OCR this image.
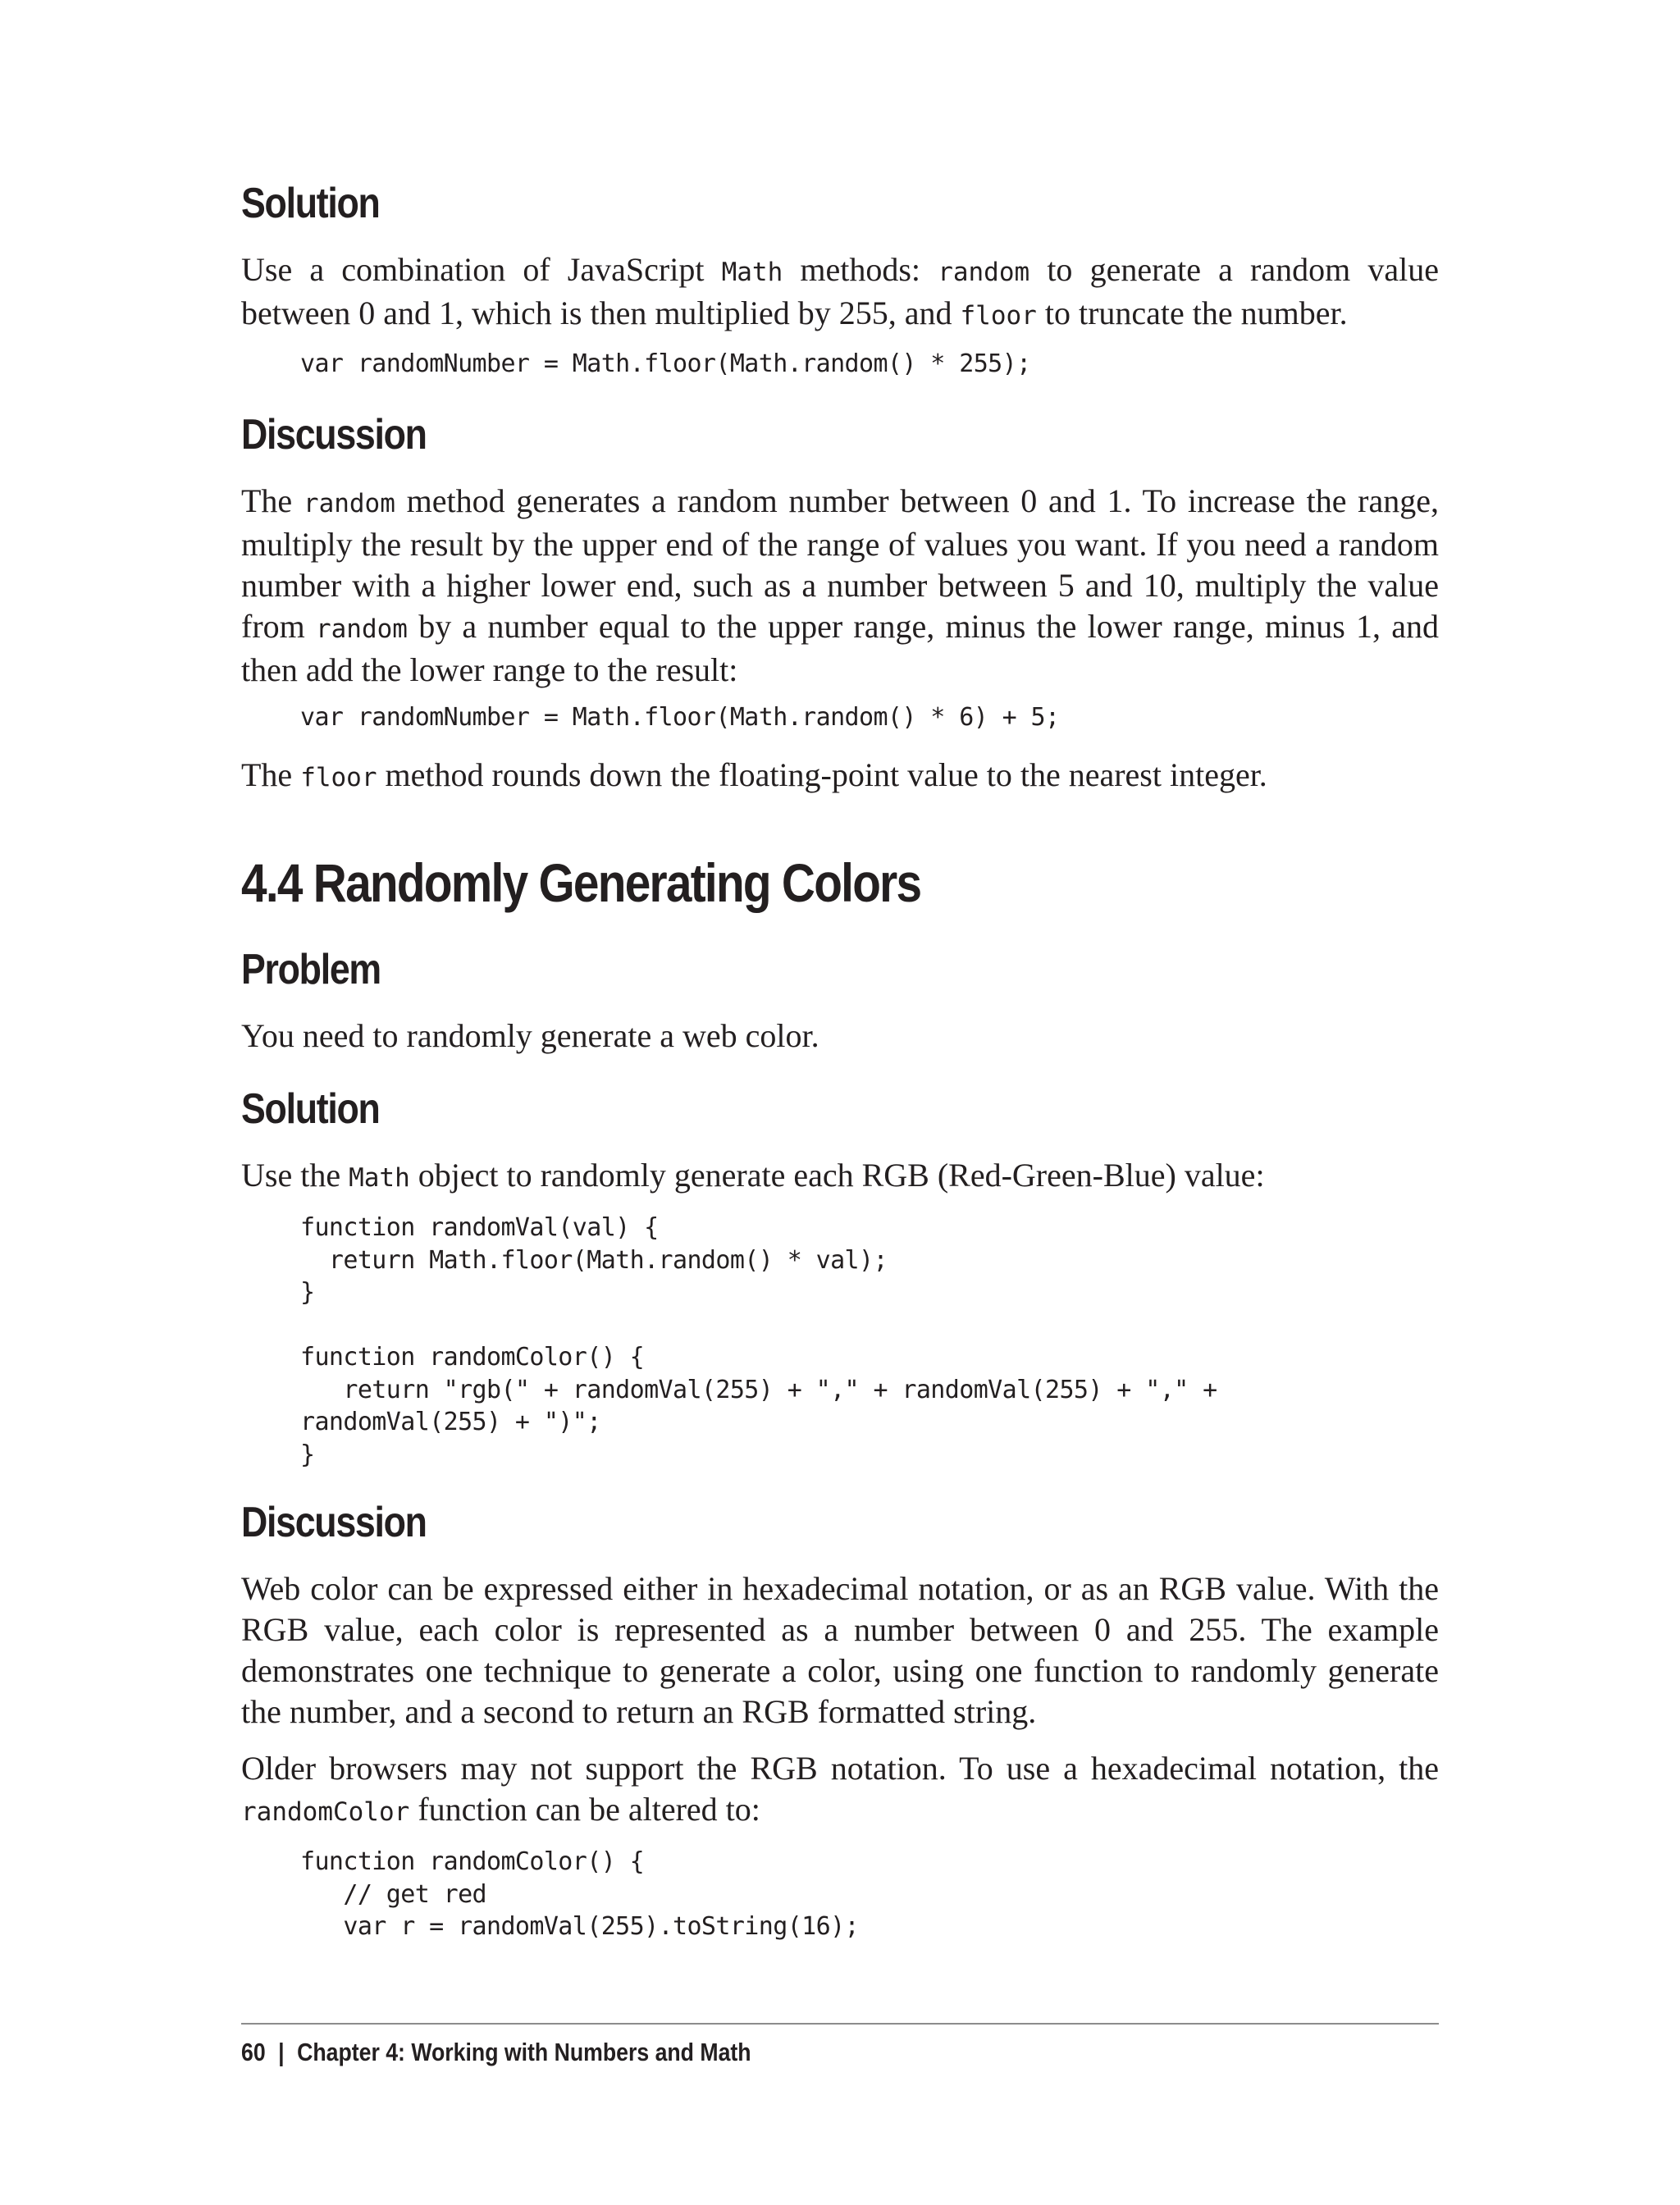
Solution

Use a combination of JavaScript Math methods: random to generate a random value between 0 and 1, which is then multiplied by 255, and floor to truncate the number.

var randomNumber = Math.floor(Math.random() * 255);
Discussion

The random method generates a random number between 0 and 1. To increase the range, multiply the result by the upper end of the range of values you want. If you need a random number with a higher lower end, such as a number between 5 and 10, multiply the value from random by a number equal to the upper range, minus the lower range, minus 1, and then add the lower range to the result:

var randomNumber = Math.floor(Math.random() * 6) + 5;

The floor method rounds down the floating-point value to the nearest integer.

4.4 Randomly Generating Colors
Problem

You need to randomly generate a web color.

Solution

Use the Math object to randomly generate each RGB (Red-Green-Blue) value:

function randomVal(val) {
return Math.floor(Math.random() * val);
}

function randomColor() {
return "rgb(" + randomVal(255) + "," + randomVal(255) + "," +
randomVal(255) + ")";
}
Discussion

Web color can be expressed either in hexadecimal notation, or as an RGB value. With the RGB value, each color is represented as a number between 0 and 255. The example demonstrates one technique to generate a color, using one function to randomly generate the number, and a second to return an RGB formatted string.

Older browsers may not support the RGB notation. To use a hexadecimal notation, the randomColor function can be altered to:

function randomColor() {
// get red
var r = randomVal(255).toString(16);
60 | Chapter 4: Working with Numbers and Math
